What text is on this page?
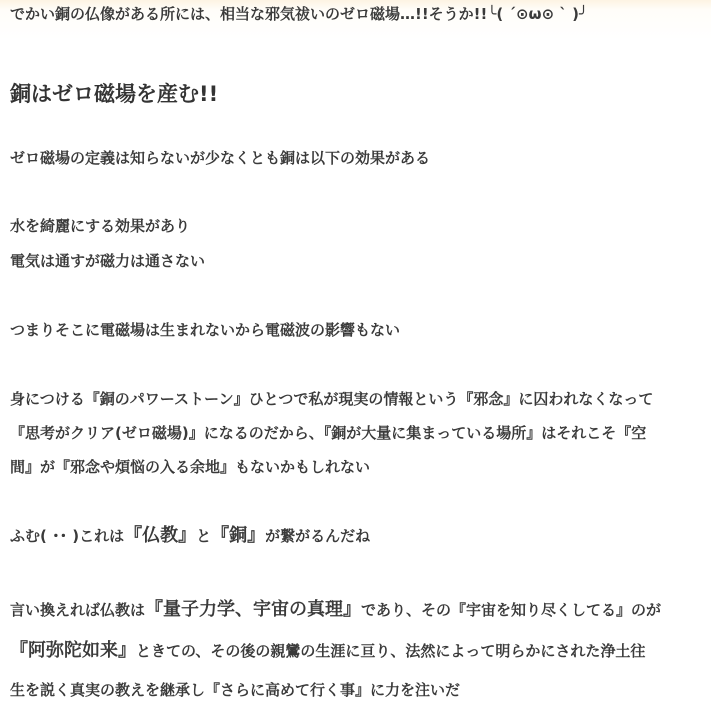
でかい銅の仏像がある所には、相当な邪気祓いのゼロ磁場…!!そうか!!╰( ´⊙ω⊙ ` )╯
銅はゼロ磁場を産む!!
ゼロ磁場の定義は知らないが少なくとも銅は以下の効果がある
水を綺麗にする効果があり
電気は通すが磁力は通さない
つまりそこに電磁場は生まれないから電磁波の影響もない
身につける『銅のパワーストーン』ひとつで私が現実の情報という『邪念』に囚われなくなって
『思考がクリア(ゼロ磁場)』になるのだから、『銅が大量に集まっている場所』はそれこそ『空
間』が『邪念や煩悩の入る余地』もないかもしれない
ふむ( ･･ )これは『仏教』と『銅』が繋がるんだね
言い換えれば仏教は『量子力学、宇宙の真理』であり、その『宇宙を知り尽くしてる』のが
『阿弥陀如来』ときての、その後の親鸞の生涯に亘り、法然によって明らかにされた浄土往
生を説く真実の教えを継承し『さらに高めて行く事』に力を注いだ
